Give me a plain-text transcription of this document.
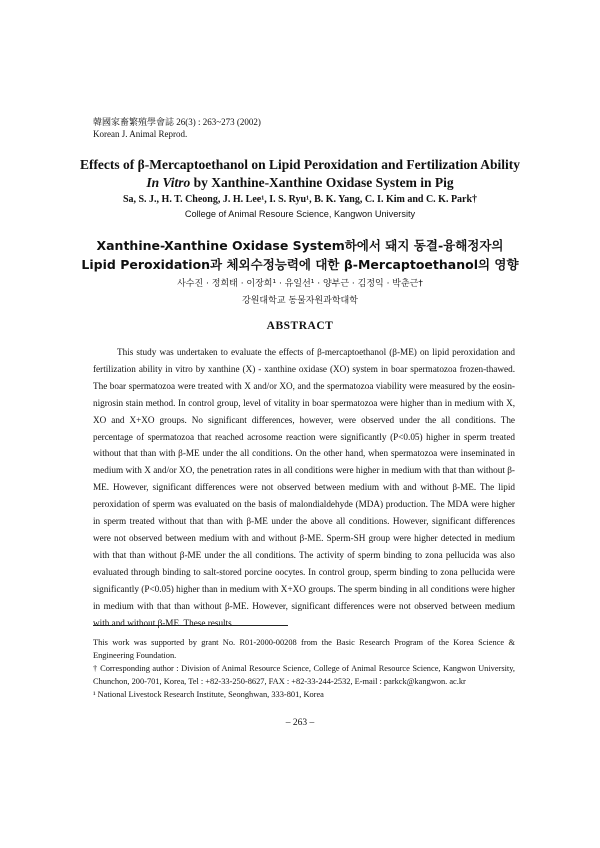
韓國家畜繁殖學會誌 26(3) : 263~273 (2002)
Korean J. Animal Reprod.
Effects of β-Mercaptoethanol on Lipid Peroxidation and Fertilization Ability
In Vitro by Xanthine-Xanthine Oxidase System in Pig
Sa, S. J., H. T. Cheong, J. H. Lee¹, I. S. Ryu¹, B. K. Yang, C. I. Kim and C. K. Park†
College of Animal Resoure Science, Kangwon University
Xanthine-Xanthine Oxidase System하에서 돼지 동결-융해정자의
Lipid Peroxidation과 체외수정능력에 대한 β-Mercaptoethanol의 영향
사수진 · 정희태 · 이장희¹ · 유일선¹ · 양부근 · 김정익 · 박춘근†
강원대학교 동물자원과학대학
ABSTRACT

This study was undertaken to evaluate the effects of β-mercaptoethanol (β-ME) on lipid peroxidation and fertilization ability in vitro by xanthine (X) - xanthine oxidase (XO) system in boar spermatozoa frozen-thawed. The boar spermatozoa were treated with X and/or XO, and the spermatozoa viability were measured by the eosin-nigrosin stain method. In control group, level of vitality in boar spermatozoa were higher than in medium with X, XO and X+XO groups. No significant differences, however, were observed under the all conditions. The percentage of spermatozoa that reached acrosome reaction were significantly (P<0.05) higher in sperm treated without that than with β-ME under the all conditions. On the other hand, when spermatozoa were inseminated in medium with X and/or XO, the penetration rates in all conditions were higher in medium with that than without β-ME. However, significant differences were not observed between medium with and without β-ME. The lipid peroxidation of sperm was evaluated on the basis of malondialdehyde (MDA) production. The MDA were higher in sperm treated without that than with β-ME under the above all conditions. However, significant differences were not observed between medium with and without β-ME. Sperm-SH group were higher detected in medium with that than without β-ME under the all conditions. The activity of sperm binding to zona pellucida was also evaluated through binding to salt-stored porcine oocytes. In control group, sperm binding to zona pellucida were significantly (P<0.05) higher than in medium with X+XO groups. The sperm binding in all conditions were higher in medium with that than without β-ME. However, significant differences were not observed between medium with and without β-ME. These results

This work was supported by grant No. R01-2000-00208 from the Basic Research Program of the Korea Science & Engineering Foundation.

† Corresponding author : Division of Animal Resource Science, College of Animal Resource Science, Kangwon University, Chunchon, 200-701, Korea, Tel : +82-33-250-8627, FAX : +82-33-244-2532, E-mail : parkck@kangwon. ac.kr

¹ National Livestock Research Institute, Seonghwan, 333-801, Korea

– 263 –
